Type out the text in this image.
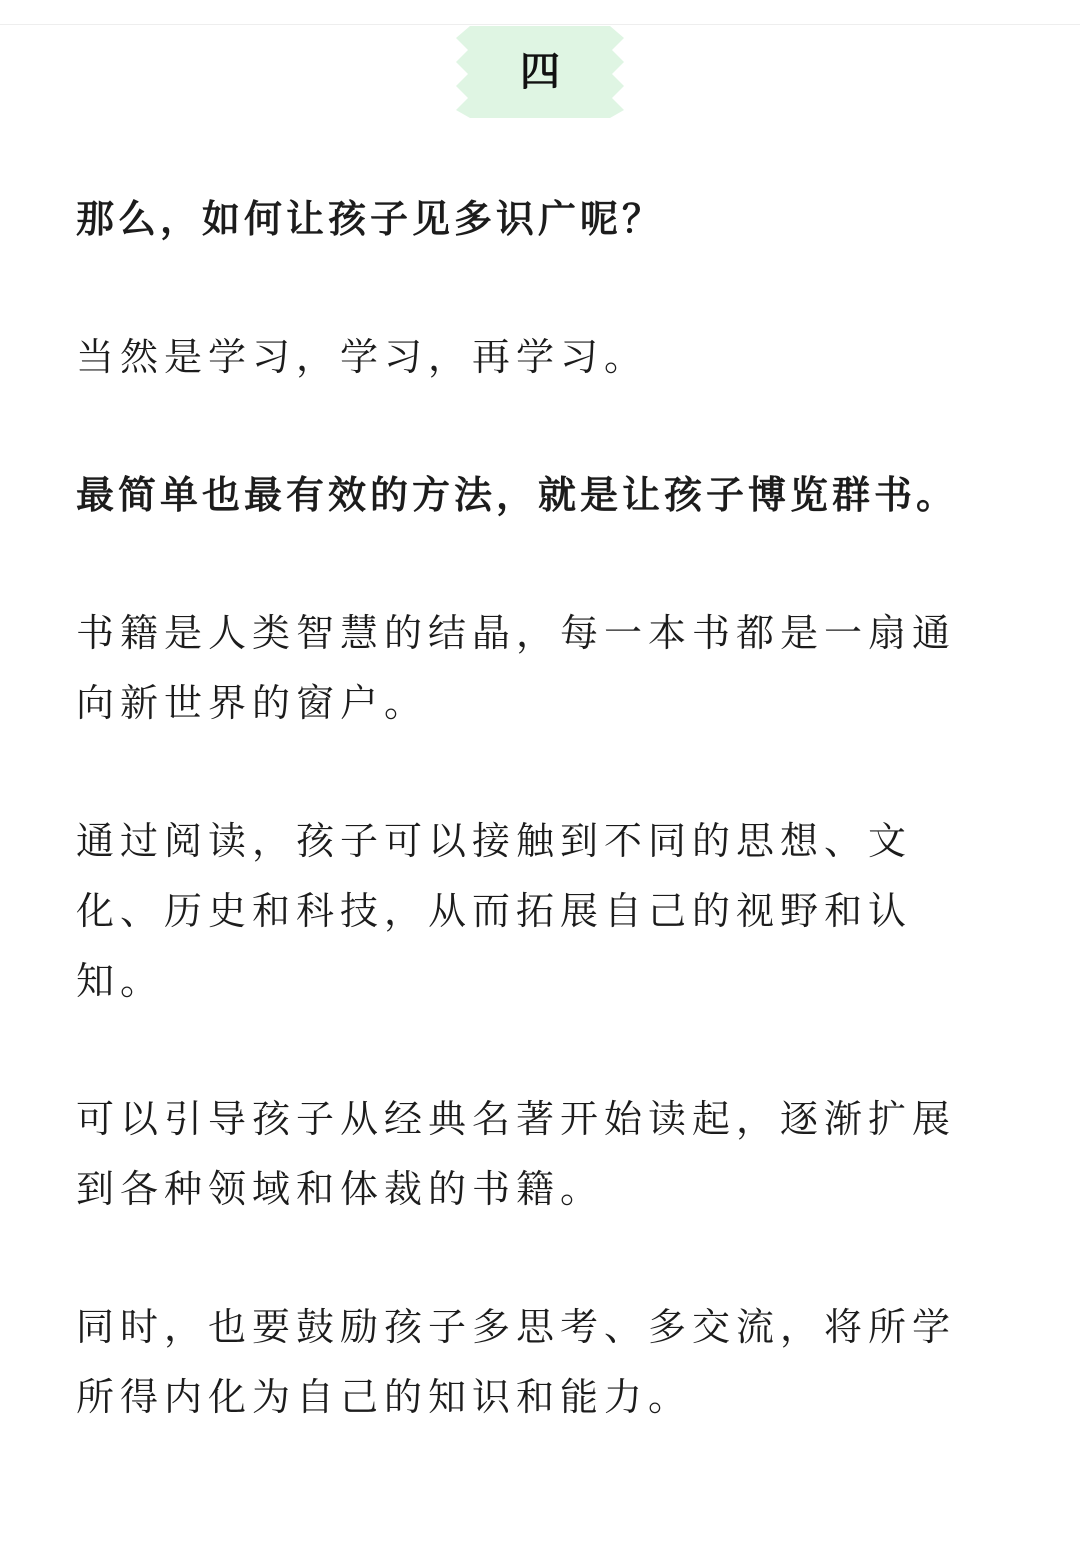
四

那么，如何让孩子见多识广呢？

当然是学习，学习，再学习。

最简单也最有效的方法，就是让孩子博览群书。

书籍是人类智慧的结晶，每一本书都是一扇通向新世界的窗户。

通过阅读，孩子可以接触到不同的思想、文化、历史和科技，从而拓展自己的视野和认知。

可以引导孩子从经典名著开始读起，逐渐扩展到各种领域和体裁的书籍。

同时，也要鼓励孩子多思考、多交流，将所学所得内化为自己的知识和能力。
